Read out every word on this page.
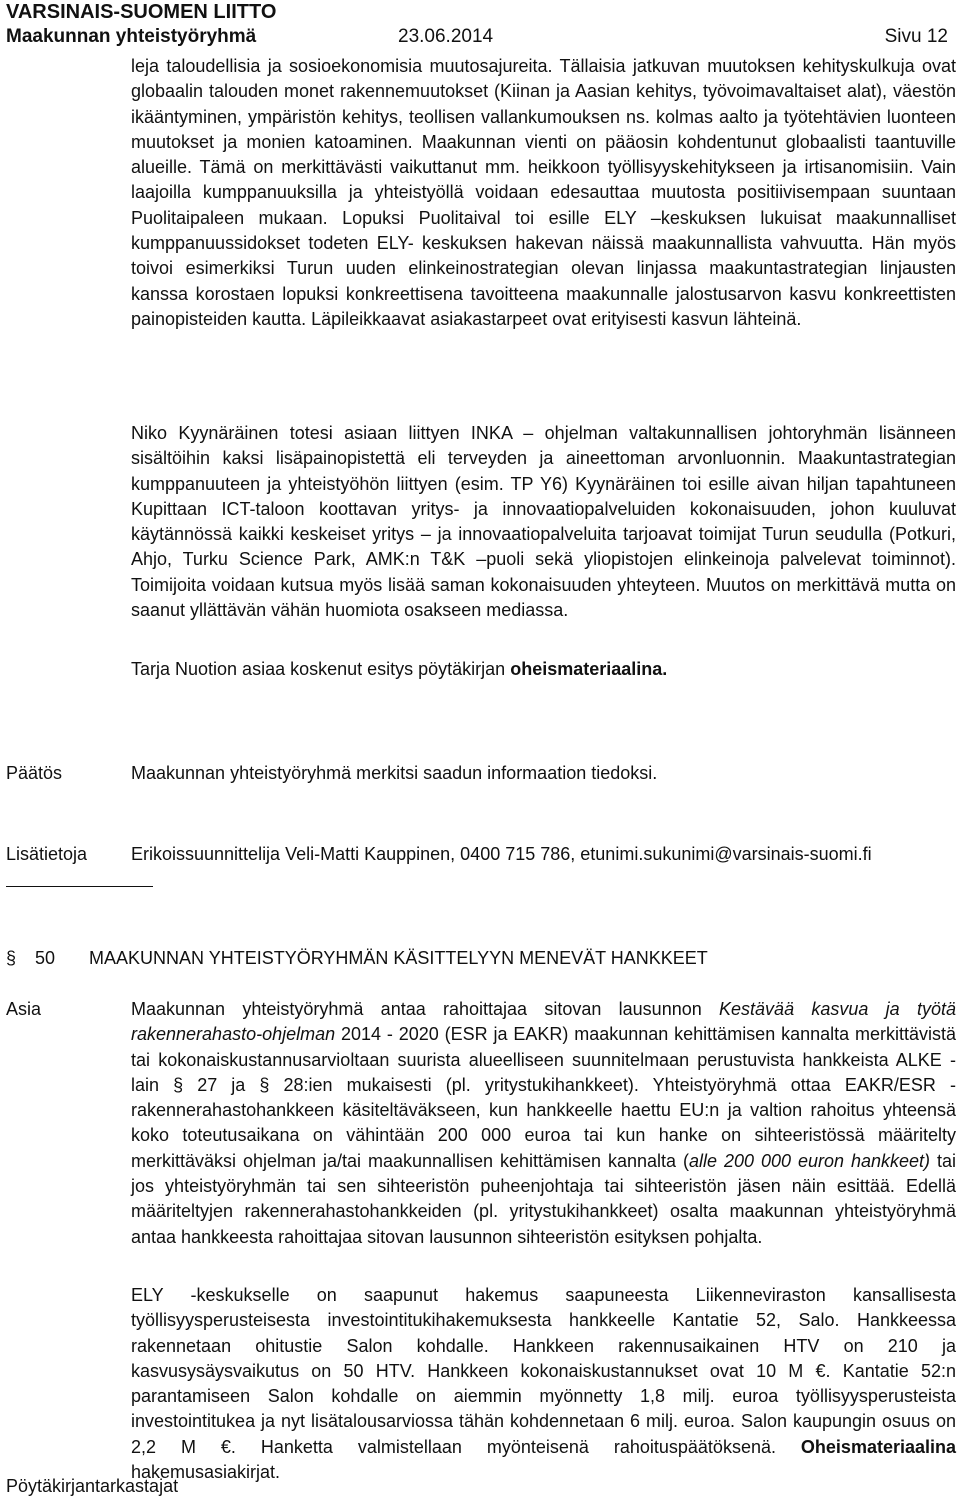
VARSINAIS-SUOMEN LIITTO
Maakunnan yhteistyöryhmä	23.06.2014	Sivu 12

leja taloudellisia ja sosioekonomisia muutosajureita. Tällaisia jatkuvan muutoksen kehityskulkuja ovat globaalin talouden monet rakennemuutokset (Kiinan ja Aasian kehitys, työvoimavaltaiset alat), väestön ikääntyminen, ympäristön kehitys, teollisen vallankumouksen ns. kolmas aalto ja työtehtävien luonteen muutokset ja monien katoaminen. Maakunnan vienti on pääosin kohdentunut globaalisti taantuville alueille. Tämä on merkittävästi vaikuttanut mm. heikkoon työllisyyskehitykseen ja irtisanomisiin. Vain laajoilla kumppanuuksilla ja yhteistyöllä voidaan edesauttaa muutosta positiivisempaan suuntaan Puolitaipaleen mukaan. Lopuksi Puolitaival toi esille ELY –keskuksen lukuisat maakunnalliset kumppanuussidokset todeten ELY- keskuksen hakevan näissä maakunnallista vahvuutta. Hän myös toivoi esimerkiksi Turun uuden elinkeinostrategian olevan linjassa maakuntastrategian linjausten kanssa korostaen lopuksi konkreettisena tavoitteena maakunnalle jalostusarvon kasvu konkreettisten painopisteiden kautta. Läpileikkaavat asiakastarpeet ovat erityisesti kasvun lähteinä.

Niko Kyynäräinen totesi asiaan liittyen INKA – ohjelman valtakunnallisen johtoryhmän lisänneen sisältöihin kaksi lisäpainopistettä eli terveyden ja aineettoman arvonluonnin. Maakuntastrategian kumppanuuteen ja yhteistyöhön liittyen (esim. TP Y6) Kyynäräinen toi esille aivan hiljan tapahtuneen Kupittaan ICT-taloon koottavan yritys- ja innovaatiopalveluiden kokonaisuuden, johon kuuluvat käytännössä kaikki keskeiset yritys – ja innovaatiopalveluita tarjoavat toimijat Turun seudulla (Potkuri, Ahjo, Turku Science Park, AMK:n T&K –puoli sekä yliopistojen elinkeinoja palvelevat toiminnot). Toimijoita voidaan kutsua myös lisää saman kokonaisuuden yhteyteen. Muutos on merkittävä mutta on saanut yllättävän vähän huomiota osakseen mediassa.

Tarja Nuotion asiaa koskenut esitys pöytäkirjan oheismateriaalina.

Päätös	Maakunnan yhteistyöryhmä merkitsi saadun informaation tiedoksi.
Lisätietoja Erikoissuunnittelija Veli-Matti Kauppinen, 0400 715 786, etunimi.sukunimi@varsinais-suomi.fi
§ 50 MAAKUNNAN YHTEISTYÖRYHMÄN KÄSITTELYYN MENEVÄT HANKKEET
Asia	Maakunnan yhteistyöryhmä antaa rahoittajaa sitovan lausunnon Kestävää kasvua ja työtä rakennerahasto-ohjelman 2014 - 2020 (ESR ja EAKR) maakunnan kehittämisen kannalta merkittävistä tai kokonaiskustannusarvioltaan suurista alueelliseen suunnitelmaan perustuvista hankkeista ALKE -lain § 27 ja § 28:ien mukaisesti (pl. yritystukihankkeet). Yhteistyöryhmä ottaa EAKR/ESR -rakennerahastohankkeen käsiteltäväkseen, kun hankkeelle haettu EU:n ja valtion rahoitus yhteensä koko toteutusaikana on vähintään 200 000 euroa tai kun hanke on sihteeristössä määritelty merkittäväksi ohjelman ja/tai maakunnallisen kehittämisen kannalta (alle 200 000 euron hankkeet) tai jos yhteistyöryhmän tai sen sihteeristön puheenjohtaja tai sihteeristön jäsen näin esittää. Edellä määriteltyjen rakennerahastohankkeiden (pl. yritystukihankkeet) osalta maakunnan yhteistyöryhmä antaa hankkeesta rahoittajaa sitovan lausunnon sihteeristön esityksen pohjalta.

ELY -keskukselle on saapunut hakemus saapuneesta Liikenneviraston kansallisesta työllisyysperusteisesta investointitukihakemuksesta hankkeelle Kantatie 52, Salo. Hankkeessa rakennetaan ohitustie Salon kohdalle. Hankkeen rakennusaikainen HTV on 210 ja kasvusysäysvaikutus on 50 HTV. Hankkeen kokonaiskustannukset ovat 10 M €. Kantatie 52:n parantamiseen Salon kohdalle on aiemmin myönnetty 1,8 milj. euroa työllisyysperusteista investointitukea ja nyt lisätalousarviossa tähän kohdennetaan 6 milj. euroa. Salon kaupungin osuus on 2,2 M €. Hanketta valmistellaan myönteisenä rahoituspäätöksenä. Oheismateriaalina hakemusasiakirjat.

Pöytäkirjantarkastajat
